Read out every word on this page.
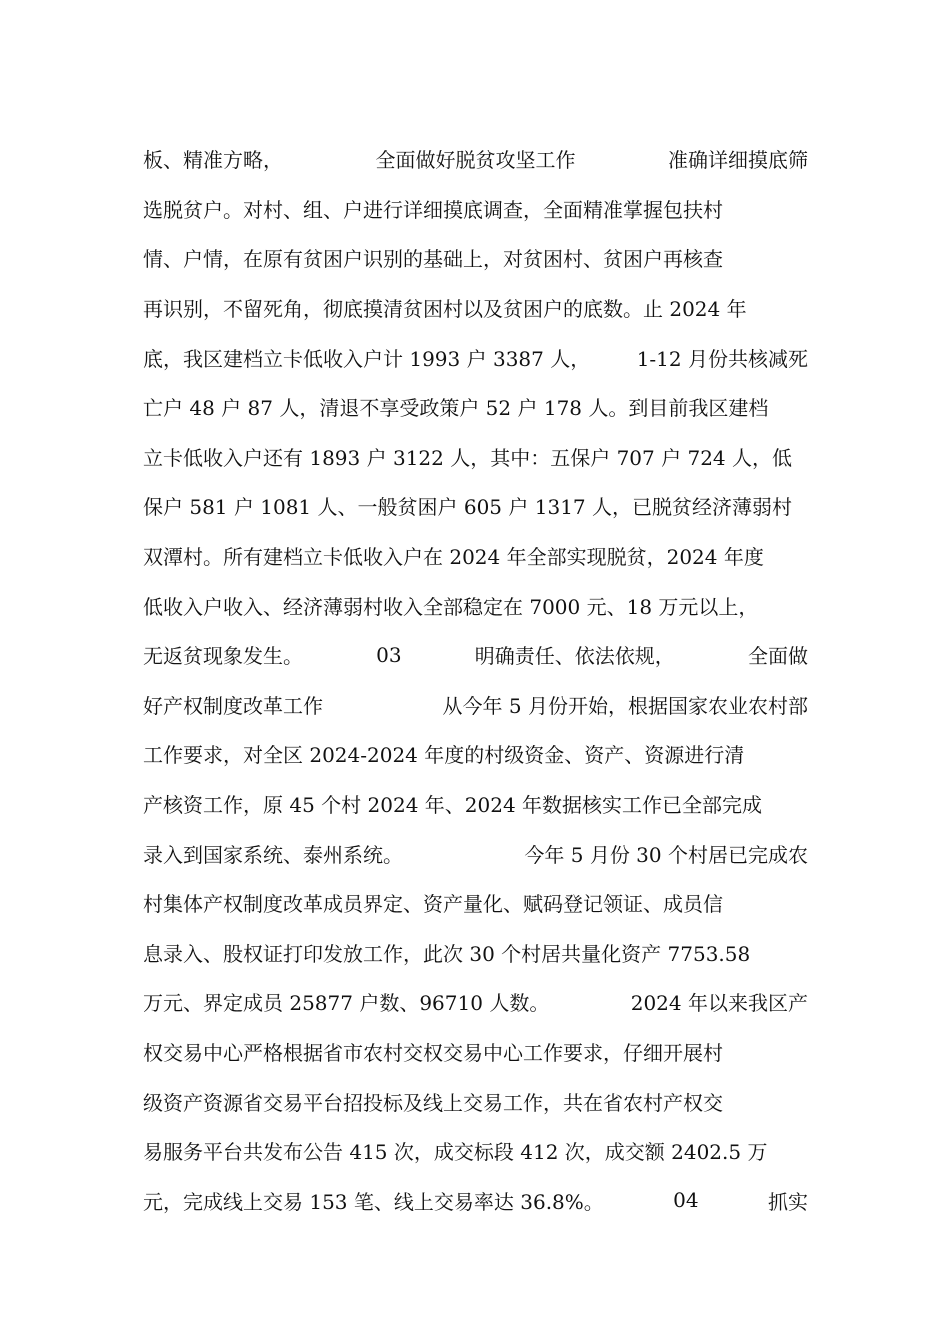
板、精准方略，	全面做好脱贫攻坚工作	准确详细摸底筛
选脱贫户。对村、组、户进行详细摸底调查，全面精准掌握包扶村
情、户情，在原有贫困户识别的基础上，对贫困村、贫困户再核查
再识别，不留死角，彻底摸清贫困村以及贫困户的底数。止 2024 年
底，我区建档立卡低收入户计 1993 户 3387 人， 1-12 月份共核减死
亡户 48 户 87 人，清退不享受政策户 52 户 178 人。到目前我区建档
立卡低收入户还有 1893 户 3122 人，其中：五保户 707 户 724 人，低
保户 581 户 1081 人、一般贫困户 605 户 1317 人，已脱贫经济薄弱村
双潭村。所有建档立卡低收入户在 2024 年全部实现脱贫，2024 年度
低收入户收入、经济薄弱村收入全部稳定在 7000 元、18 万元以上，
无返贫现象发生。	03	明确责任、依法依规，	全面做
好产权制度改革工作	从今年 5 月份开始，根据国家农业农村部
工作要求，对全区 2024-2024 年度的村级资金、资产、资源进行清
产核资工作，原 45 个村 2024 年、2024 年数据核实工作已全部完成
录入到国家系统、泰州系统。	今年 5 月份 30 个村居已完成农
村集体产权制度改革成员界定、资产量化、赋码登记领证、成员信
息录入、股权证打印发放工作，此次 30 个村居共量化资产 7753.58
万元、界定成员 25877 户数、96710 人数。	2024 年以来我区产
权交易中心严格根据省市农村交权交易中心工作要求，仔细开展村
级资产资源省交易平台招投标及线上交易工作，共在省农村产权交
易服务平台共发布公告 415 次，成交标段 412 次，成交额 2402.5 万
元，完成线上交易 153 笔、线上交易率达 36.8%。	04	抓实
